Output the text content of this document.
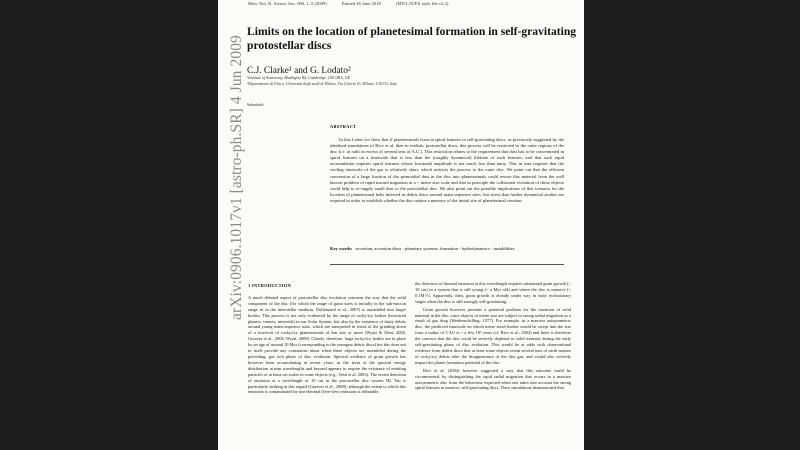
Mon. Not. R. Astron. Soc. 000, 1–5 (2009)	Printed 26 June 2018	(MN LATEX style file v2.2)
arXiv:0906.1017v1 [astro-ph.SR] 4 Jun 2009
Limits on the location of planetesimal formation in self-gravitating protostellar discs
C.J. Clarke¹ and G. Lodato²
¹Institute of Astronomy, Madingley Rd, Cambridge, CB3 0HA, UK
²Dipartimento di Fisica, Università degli studi di Milano, Via Celoria 16, Milano, I-20133, Italy
Submitted:
ABSTRACT
In this Letter we show that if planetesimals form in spiral features in self-gravitating discs, as previously suggested by the idealised simulations of Rice et al, then in realistic protostellar discs, this process will be restricted to the outer regions of the disc (i.e. at radii in excess of several tens of A.U.). This restriction relates to the requirement that dust has to be concentrated in spiral features on a timescale that is less than the (roughly dynamical) lifetime of such features, and that such rapid accumulation requires spiral features whose fractional amplitude is not much less than unity. This in turn requires that the cooling timescale of the gas is relatively short, which restricts the process to the outer disc. We point out that the efficient conversion of a large fraction of the primordial dust in the disc into planetesimals could rescue this material from the well known problem of rapid inward migration at a ~ metre size scale and that in principle the collisional evolution of these objects could help to re-supply small dust to the protostellar disc. We also point out the possible implications of this scenario for the location of planetesimal belts inferred in debris discs around main sequence stars, but stress that further dynamical studies are required in order to establish whether the disc retains a memory of the initial site of planetesimal creation.
Key words: accretion, accretion discs - planetary systems: formation - hydrodynamics - instabilities
1 INTRODUCTION

A much debated aspect of protostellar disc evolution concerns the way that the solid component of the disc (for which the range of grain sizes is initially in the sub-micron range as in the interstellar medium, Dullemond et al., 2007) is assembled into larger bodies. This process is not only evidenced by the range of rocky/icy bodies (terrestrial planets, comets, asteroids) in our Solar System, but also by the existence of dusty debris around young main sequence stars, which are interpreted in terms of the grinding down of a reservoir of rocky/icy planetesimals of km size or more (Wyatt & Dent, 2002, Greaves et al., 2004, Wyatt, 2008). Clearly, therefore, large rocky/icy bodies are in place by an age of around 10 Myr (corresponding to the youngest debris discs) but this does not in itself provide any constraints about when these objects are assembled during the preceding, gas rich phase of disc evolution. Spectral evidence of grain growth has however been accumulating in recent years, as the form of the spectral energy distribution at mm wavelengths and beyond appears to require the existence of emitting particles of at least cm scales in some objects (e.g., Testi et al. 2003). The recent detection of emission at a wavelength of 10 cm in the protostellar disc system HL Tau is particularly striking in this regard (Greaves et al., 2008): although the extent to which this emission is contaminated by non-thermal (free-free) emission is debatable,

the detection of thermal emission at this wavelength requires substantial grain growth (> 10 cm) in a system that is still young (< a Myr old) and where the disc is massive (> 0.1M☉). Apparently, then, grain growth is already under way in early evolutionary stages when the disc is still strongly self-gravitating.

Grain growth however presents a potential problem for the retention of solid material in the disc, since objects of metre size are subject to strong radial migration as a result of gas drag (Weidenschilling, 1977). For example, in a massive axisymmetric disc, the predicted timescale on which metre sized bodies would be swept into the star from a radius of 5 AU is ~ a few 10³ years (cf. Rice et al., 2004) and there is therefore the concern that the disc could be severely depleted in solid material during the early self-gravitating phase of disc evolution. This would be at odds with observational evidence from debris discs that at least some objects retain several tens of earth masses of rocky/icy debris after the disappearance of the disc gas, and would also severely impact the planet formation potential of the disc.

Rice et al. (2004) however suggested a way that this outcome could be circumvented, by distinguishing the rapid radial migration that occurs in a massive axisymmetric disc from the behaviour expected when one takes into account the strong spiral features in massive, self-gravitating discs. Their simulations demonstrated that
